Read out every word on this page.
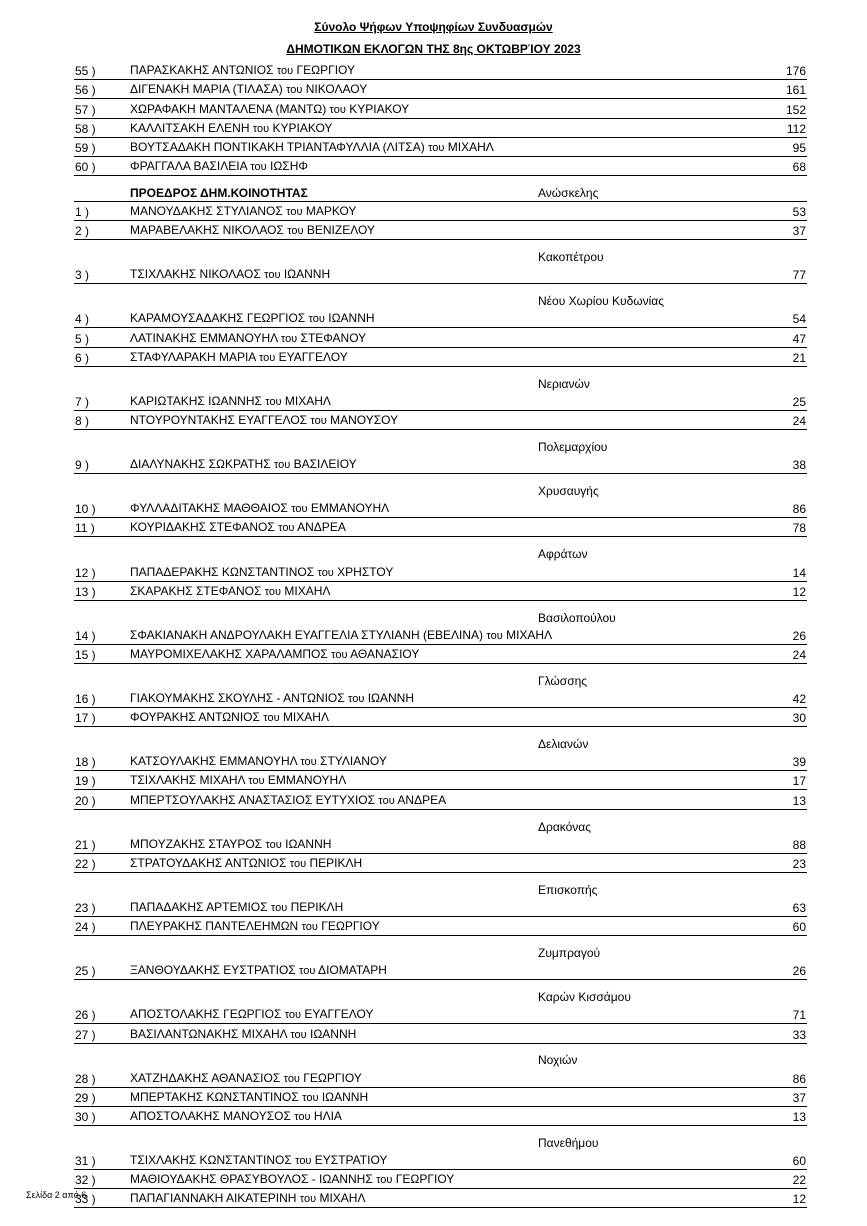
Σύνολο Ψήφων Υποψηφίων Συνδυασμών
ΔΗΜΟΤΙΚΩΝ ΕΚΛΟΓΩΝ ΤΗΣ 8ης ΟΚΤΩΒΡΊΟΥ 2023
55 )	ΠΑΡΑΣΚΑΚΗΣ ΑΝΤΩΝΙΟΣ του ΓΕΩΡΓΙΟΥ	176
56 )	ΔΙΓΕΝΑΚΗ ΜΑΡΙΑ (ΤΙΛΑΣΑ) του ΝΙΚΟΛΑΟΥ	161
57 )	ΧΩΡΑΦΑΚΗ ΜΑΝΤΑΛΕΝΑ (ΜΑΝΤΩ) του ΚΥΡΙΑΚΟΥ	152
58 )	ΚΑΛΛΙΤΣΑΚΗ ΕΛΕΝΗ του ΚΥΡΙΑΚΟΥ	112
59 )	ΒΟΥΤΣΑΔΑΚΗ ΠΟΝΤΙΚΑΚΗ ΤΡΙΑΝΤΑΦΥΛΛΙΑ (ΛΙΤΣΑ) του ΜΙΧΑΗΛ	95
60 )	ΦΡΑΓΓΑΛΑ ΒΑΣΙΛΕΙΑ του ΙΩΣΗΦ	68
ΠΡΟΕΔΡΟΣ ΔΗΜ.ΚΟΙΝΟΤΗΤΑΣ	Ανώσκελης
1 )	ΜΑΝΟΥΔΑΚΗΣ ΣΤΥΛΙΑΝΟΣ του ΜΑΡΚΟΥ	53
2 )	ΜΑΡΑΒΕΛΑΚΗΣ ΝΙΚΟΛΑΟΣ του ΒΕΝΙΖΕΛΟΥ	37
Κακοπέτρου
3 )	ΤΣΙΧΛΑΚΗΣ ΝΙΚΟΛΑΟΣ του ΙΩΑΝΝΗ	77
Νέου Χωρίου Κυδωνίας
4 )	ΚΑΡΑΜΟΥΣΑΔΑΚΗΣ ΓΕΩΡΓΙΟΣ του ΙΩΑΝΝΗ	54
5 )	ΛΑΤΙΝΑΚΗΣ ΕΜΜΑΝΟΥΗΛ του ΣΤΕΦΑΝΟΥ	47
6 )	ΣΤΑΦΥΛΑΡΑΚΗ ΜΑΡΙΑ του ΕΥΑΓΓΕΛΟΥ	21
Νεριανών
7 )	ΚΑΡΙΩΤΑΚΗΣ ΙΩΑΝΝΗΣ του ΜΙΧΑΗΛ	25
8 )	ΝΤΟΥΡΟΥΝΤΑΚΗΣ ΕΥΑΓΓΕΛΟΣ του ΜΑΝΟΥΣΟΥ	24
Πολεμαρχίου
9 )	ΔΙΑΛΥΝΑΚΗΣ ΣΩΚΡΑΤΗΣ του ΒΑΣΙΛΕΙΟΥ	38
Χρυσαυγής
10 )	ΦΥΛΛΑΔΙΤΑΚΗΣ ΜΑΘΘΑΙΟΣ του ΕΜΜΑΝΟΥΗΛ	86
11 )	ΚΟΥΡΙΔΑΚΗΣ ΣΤΕΦΑΝΟΣ του ΑΝΔΡΕΑ	78
Αφράτων
12 )	ΠΑΠΑΔΕΡΑΚΗΣ ΚΩΝΣΤΑΝΤΙΝΟΣ του ΧΡΗΣΤΟΥ	14
13 )	ΣΚΑΡΑΚΗΣ ΣΤΕΦΑΝΟΣ του ΜΙΧΑΗΛ	12
Βασιλοπούλου
14 )	ΣΦΑΚΙΑΝΑΚΗ ΑΝΔΡΟΥΛΑΚΗ ΕΥΑΓΓΕΛΙΑ ΣΤΥΛΙΑΝΗ (ΕΒΕΛΙΝΑ) του ΜΙΧΑΗΛ	26
15 )	ΜΑΥΡΟΜΙΧΕΛΑΚΗΣ ΧΑΡΑΛΑΜΠΟΣ του ΑΘΑΝΑΣΙΟΥ	24
Γλώσσης
16 )	ΓΙΑΚΟΥΜΑΚΗΣ ΣΚΟΥΛΗΣ - ΑΝΤΩΝΙΟΣ του ΙΩΑΝΝΗ	42
17 )	ΦΟΥΡΑΚΗΣ ΑΝΤΩΝΙΟΣ του ΜΙΧΑΗΛ	30
Δελιανών
18 )	ΚΑΤΣΟΥΛΑΚΗΣ ΕΜΜΑΝΟΥΗΛ του ΣΤΥΛΙΑΝΟΥ	39
19 )	ΤΣΙΧΛΑΚΗΣ ΜΙΧΑΗΛ του ΕΜΜΑΝΟΥΗΛ	17
20 )	ΜΠΕΡΤΣΟΥΛΑΚΗΣ ΑΝΑΣΤΑΣΙΟΣ ΕΥΤΥΧΙΟΣ του ΑΝΔΡΕΑ	13
Δρακόνας
21 )	ΜΠΟΥΖΑΚΗΣ ΣΤΑΥΡΟΣ του ΙΩΑΝΝΗ	88
22 )	ΣΤΡΑΤΟΥΔΑΚΗΣ ΑΝΤΩΝΙΟΣ του ΠΕΡΙΚΛΗ	23
Επισκοπής
23 )	ΠΑΠΑΔΑΚΗΣ ΑΡΤΕΜΙΟΣ του ΠΕΡΙΚΛΗ	63
24 )	ΠΛΕΥΡΑΚΗΣ ΠΑΝΤΕΛΕΗΜΩΝ του ΓΕΩΡΓΙΟΥ	60
Ζυμπραγού
25 )	ΞΑΝΘΟΥΔΑΚΗΣ ΕΥΣΤΡΑΤΙΟΣ του ΔΙΟΜΑΤΑΡΗ	26
Καρών Κισσάμου
26 )	ΑΠΟΣΤΟΛΑΚΗΣ ΓΕΩΡΓΙΟΣ του ΕΥΑΓΓΕΛΟΥ	71
27 )	ΒΑΣΙΛΑΝΤΩΝΑΚΗΣ ΜΙΧΑΗΛ του ΙΩΑΝΝΗ	33
Νοχιών
28 )	ΧΑΤΖΗΔΑΚΗΣ ΑΘΑΝΑΣΙΟΣ του ΓΕΩΡΓΙΟΥ	86
29 )	ΜΠΕΡΤΑΚΗΣ ΚΩΝΣΤΑΝΤΙΝΟΣ του ΙΩΑΝΝΗ	37
30 )	ΑΠΟΣΤΟΛΑΚΗΣ ΜΑΝΟΥΣΟΣ του ΗΛΙΑ	13
Πανεθήμου
31 )	ΤΣΙΧΛΑΚΗΣ ΚΩΝΣΤΑΝΤΙΝΟΣ του ΕΥΣΤΡΑΤΙΟΥ	60
32 )	ΜΑΘΙΟΥΔΑΚΗΣ ΘΡΑΣΥΒΟΥΛΟΣ - ΙΩΑΝΝΗΣ του ΓΕΩΡΓΙΟΥ	22
33 )	ΠΑΠΑΓΙΑΝΝΑΚΗ ΑΙΚΑΤΕΡΙΝΗ του ΜΙΧΑΗΛ	12
Σελίδα 2 από 6
